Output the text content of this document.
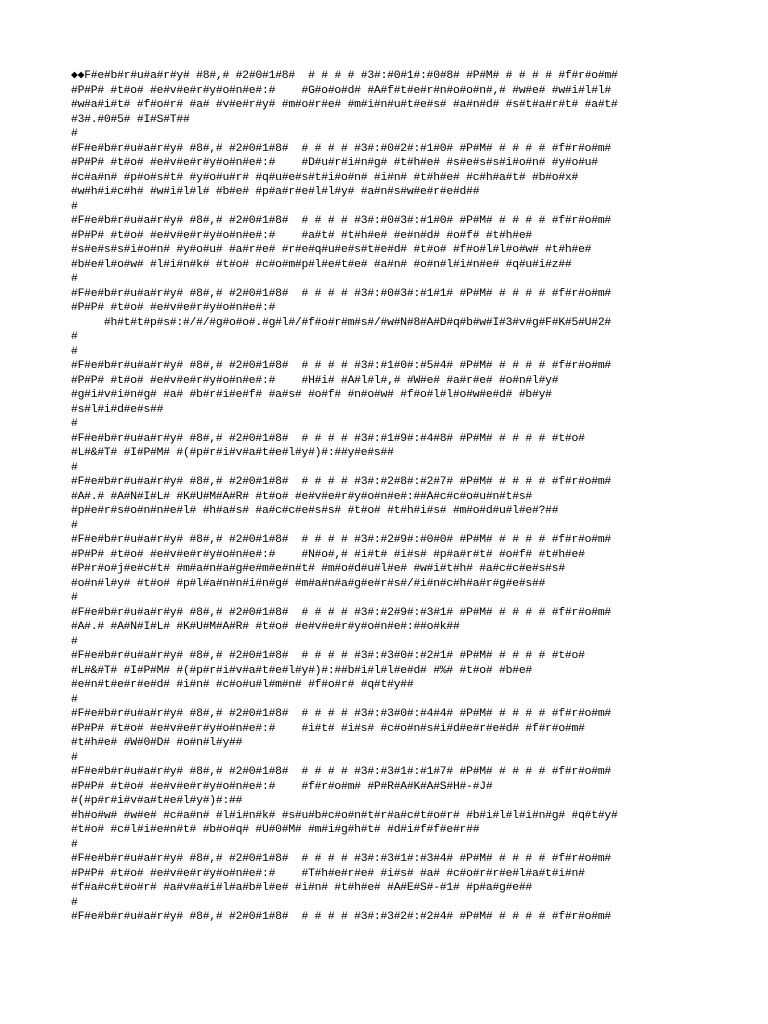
◆◆F#e#b#r#u#a#r#y# #8#,# #2#0#1#8#  # # # # #3#:#0#1#:#0#8# #P#M# # # # # #f#r#o#m#
#P#P# #t#o# #e#v#e#r#y#o#n#e#:#    #G#o#o#d# #A#f#t#e#r#n#o#o#n#,# #w#e# #w#i#l#l#
#w#a#i#t# #f#o#r# #a# #v#e#r#y# #m#o#r#e# #m#i#n#u#t#e#s# #a#n#d# #s#t#a#r#t# #a#t#
#3#.#0#5# #I#S#T##
#
#F#e#b#r#u#a#r#y# #8#,# #2#0#1#8#  # # # # #3#:#0#2#:#1#0# #P#M# # # # # #f#r#o#m#
#P#P# #t#o# #e#v#e#r#y#o#n#e#:#    #D#u#r#i#n#g# #t#h#e# #s#e#s#s#i#o#n# #y#o#u#
#c#a#n# #p#o#s#t# #y#o#u#r# #q#u#e#s#t#i#o#n# #i#n# #t#h#e# #c#h#a#t# #b#o#x#
#w#h#i#c#h# #w#i#l#l# #b#e# #p#a#r#e#l#l#y# #a#n#s#w#e#r#e#d##
#
#F#e#b#r#u#a#r#y# #8#,# #2#0#1#8#  # # # # #3#:#0#3#:#1#0# #P#M# # # # # #f#r#o#m#
#P#P# #t#o# #e#v#e#r#y#o#n#e#:#    #a#t# #t#h#e# #e#n#d# #o#f# #t#h#e#
#s#e#s#s#i#o#n# #y#o#u# #a#r#e# #r#e#q#u#e#s#t#e#d# #t#o# #f#o#l#l#o#w# #t#h#e#
#b#e#l#o#w# #l#i#n#k# #t#o# #c#o#m#p#l#e#t#e# #a#n# #o#n#l#i#n#e# #q#u#i#z##
#
#F#e#b#r#u#a#r#y# #8#,# #2#0#1#8#  # # # # #3#:#0#3#:#1#1# #P#M# # # # # #f#r#o#m#
#P#P# #t#o# #e#v#e#r#y#o#n#e#:#
#h#t#t#p#s#:#/#/#g#o#o#.#g#l#/#f#o#r#m#s#/#w#N#8#A#D#q#b#w#I#3#v#g#F#K#5#U#2#
#
#
#F#e#b#r#u#a#r#y# #8#,# #2#0#1#8#  # # # # #3#:#1#0#:#5#4# #P#M# # # # # #f#r#o#m#
#P#P# #t#o# #e#v#e#r#y#o#n#e#:#    #H#i# #A#l#l#,# #W#e# #a#r#e# #o#n#l#y#
#g#i#v#i#n#g# #a# #b#r#i#e#f# #a#s# #o#f# #n#o#w# #f#o#l#l#o#w#e#d# #b#y#
#s#l#i#d#e#s##
#
#F#e#b#r#u#a#r#y# #8#,# #2#0#1#8#  # # # # #3#:#1#9#:#4#8# #P#M# # # # # #t#o#
#L#&#T# #I#P#M# #(#p#r#i#v#a#t#e#l#y#)#:##y#e#s##
#
#F#e#b#r#u#a#r#y# #8#,# #2#0#1#8#  # # # # #3#:#2#8#:#2#7# #P#M# # # # # #f#r#o#m#
#A#.# #A#N#I#L# #K#U#M#A#R# #t#o# #e#v#e#r#y#o#n#e#:##A#c#c#o#u#n#t#s#
#p#e#r#s#o#n#n#e#l# #h#a#s# #a#c#c#e#s#s# #t#o# #t#h#i#s# #m#o#d#u#l#e#?##
#
#F#e#b#r#u#a#r#y# #8#,# #2#0#1#8#  # # # # #3#:#2#9#:#0#0# #P#M# # # # # #f#r#o#m#
#P#P# #t#o# #e#v#e#r#y#o#n#e#:#    #N#o#,# #i#t# #i#s# #p#a#r#t# #o#f# #t#h#e#
#P#r#o#j#e#c#t# #m#a#n#a#g#e#m#e#n#t# #m#o#d#u#l#e# #w#i#t#h# #a#c#c#e#s#s#
#o#n#l#y# #t#o# #p#l#a#n#n#i#n#g# #m#a#n#a#g#e#r#s#/#i#n#c#h#a#r#g#e#s##
#
#F#e#b#r#u#a#r#y# #8#,# #2#0#1#8#  # # # # #3#:#2#9#:#3#1# #P#M# # # # # #f#r#o#m#
#A#.# #A#N#I#L# #K#U#M#A#R# #t#o# #e#v#e#r#y#o#n#e#:##o#k##
#
#F#e#b#r#u#a#r#y# #8#,# #2#0#1#8#  # # # # #3#:#3#0#:#2#1# #P#M# # # # # #t#o#
#L#&#T# #I#P#M# #(#p#r#i#v#a#t#e#l#y#)#:##b#i#l#l#e#d# #%# #t#o# #b#e#
#e#n#t#e#r#e#d# #i#n# #c#o#u#l#m#n# #f#o#r# #q#t#y##
#
#F#e#b#r#u#a#r#y# #8#,# #2#0#1#8#  # # # # #3#:#3#0#:#4#4# #P#M# # # # # #f#r#o#m#
#P#P# #t#o# #e#v#e#r#y#o#n#e#:#    #i#t# #i#s# #c#o#n#s#i#d#e#r#e#d# #f#r#o#m#
#t#h#e# #W#0#D# #o#n#l#y##
#
#F#e#b#r#u#a#r#y# #8#,# #2#0#1#8#  # # # # #3#:#3#1#:#1#7# #P#M# # # # # #f#r#o#m#
#P#P# #t#o# #e#v#e#r#y#o#n#e#:#    #f#r#o#m# #P#R#A#K#A#S#H#-#J#
#(#p#r#i#v#a#t#e#l#y#)#:##
#h#o#w# #w#e# #c#a#n# #l#i#n#k# #s#u#b#c#o#n#t#r#a#c#t#o#r# #b#i#l#l#i#n#g# #q#t#y#
#t#o# #c#l#i#e#n#t# #b#o#q# #U#0#M# #m#i#g#h#t# #d#i#f#f#e#r##
#
#F#e#b#r#u#a#r#y# #8#,# #2#0#1#8#  # # # # #3#:#3#1#:#3#4# #P#M# # # # # #f#r#o#m#
#P#P# #t#o# #e#v#e#r#y#o#n#e#:#    #T#h#e#r#e# #i#s# #a# #c#o#r#r#e#l#a#t#i#n#
#f#a#c#t#o#r# #a#v#a#i#l#a#b#l#e# #i#n# #t#h#e# #A#E#S#-#1# #p#a#g#e##
#
#F#e#b#r#u#a#r#y# #8#,# #2#0#1#8#  # # # # #3#:#3#2#:#2#4# #P#M# # # # # #f#r#o#m#
